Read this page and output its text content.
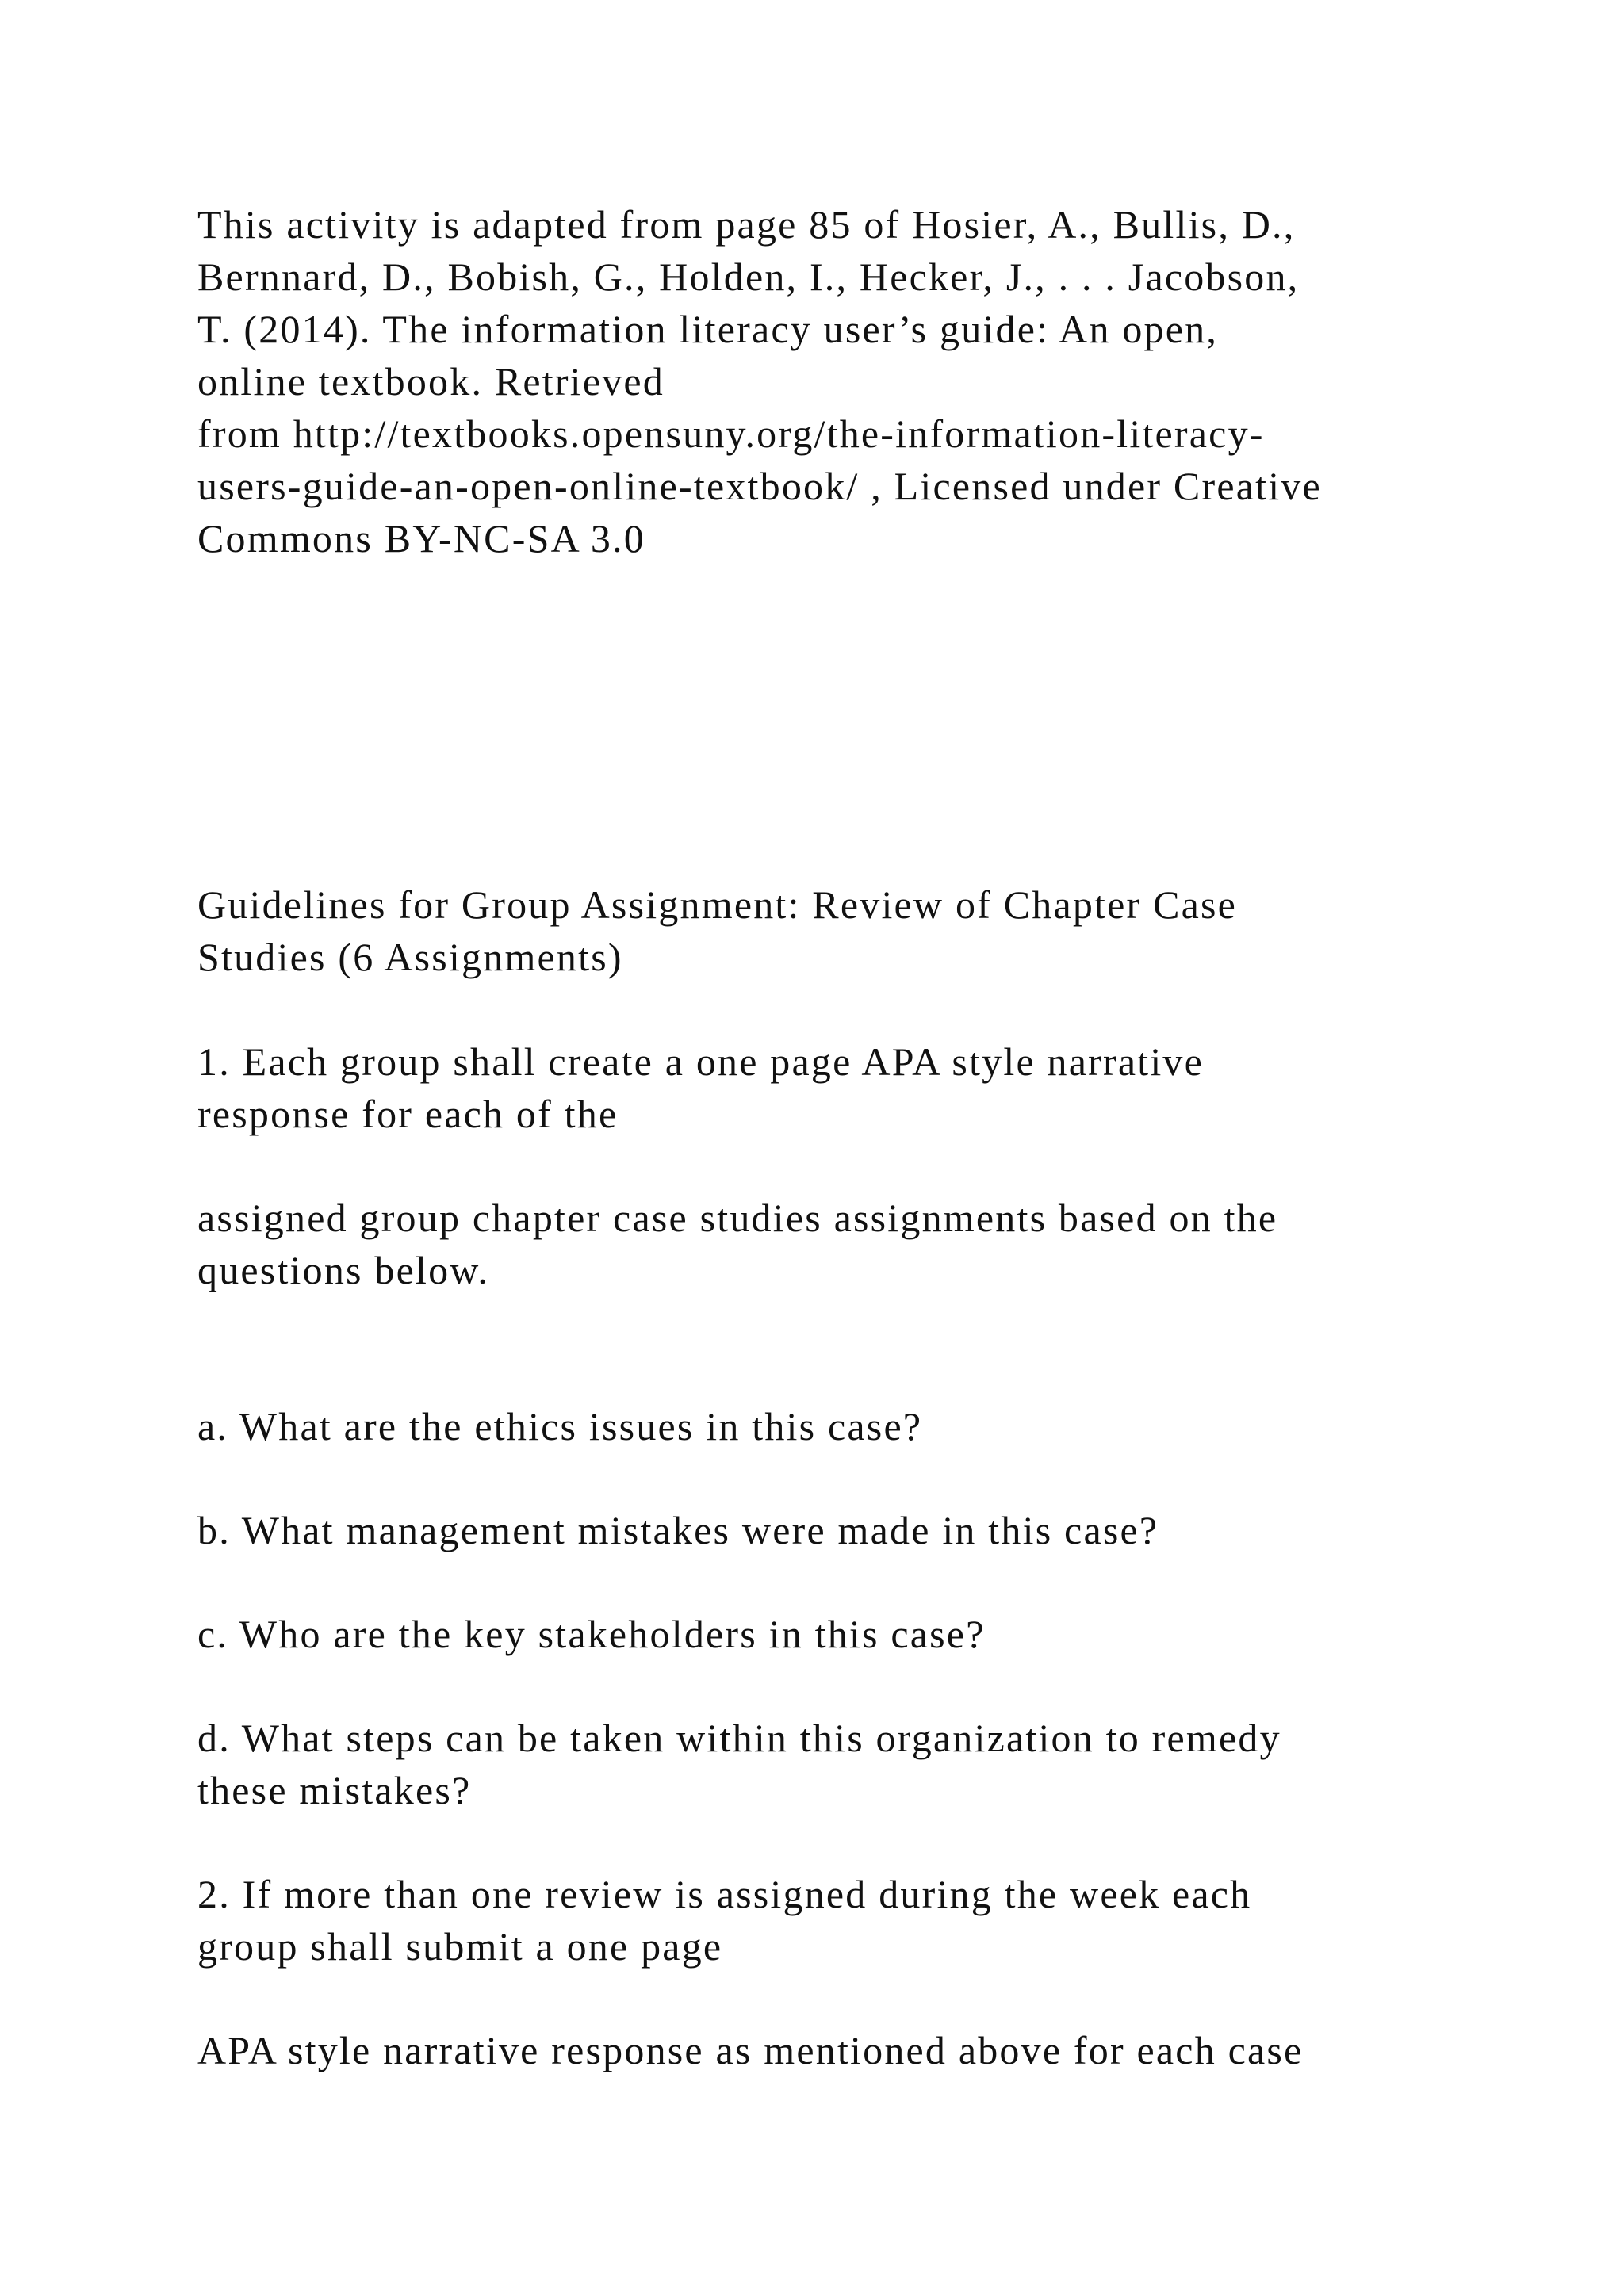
This activity is adapted from page 85 of Hosier, A., Bullis, D.,

Bernnard, D., Bobish, G., Holden, I., Hecker, J., . . . Jacobson,

T. (2014). The information literacy user’s guide: An open,

online textbook. Retrieved

from http://textbooks.opensuny.org/the-information-literacy-

users-guide-an-open-online-textbook/ , Licensed under Creative

Commons BY-NC-SA 3.0

Guidelines for Group Assignment: Review of Chapter Case

Studies (6 Assignments)

1. Each group shall create a one page APA style narrative

response for each of the

assigned group chapter case studies assignments based on the

questions below.

a. What are the ethics issues in this case?

b. What management mistakes were made in this case?

c. Who are the key stakeholders in this case?

d. What steps can be taken within this organization to remedy

these mistakes?

2. If more than one review is assigned during the week each

group shall submit a one page

APA style narrative response as mentioned above for each case
